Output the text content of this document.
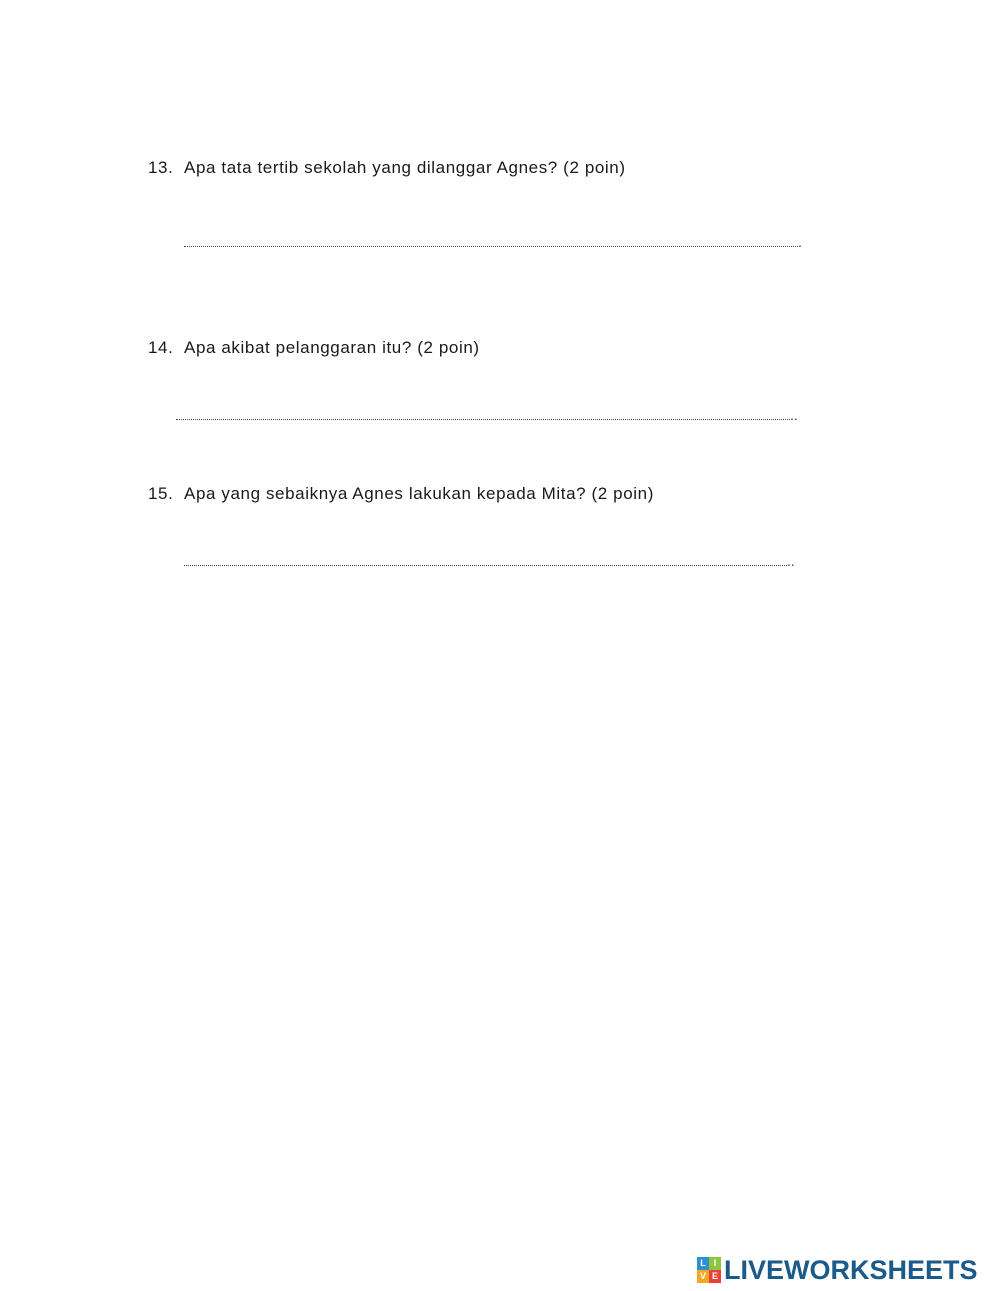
13. Apa tata tertib sekolah yang dilanggar Agnes? (2 poin)
.
14. Apa akibat pelanggaran itu? (2 poin)
..
15. Apa yang sebaiknya Agnes lakukan kepada Mita? (2 poin)
..
L I
V E LIVEWORKSHEETS
